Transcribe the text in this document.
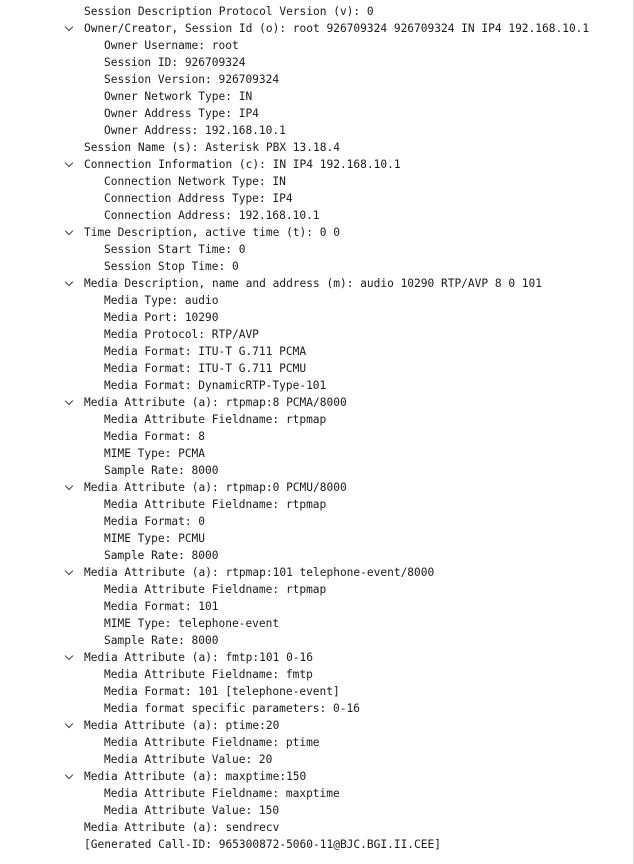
Session Description Protocol Version (v): 0
Owner/Creator, Session Id (o): root 926709324 926709324 IN IP4 192.168.10.1
Owner Username: root
Session ID: 926709324
Session Version: 926709324
Owner Network Type: IN
Owner Address Type: IP4
Owner Address: 192.168.10.1
Session Name (s): Asterisk PBX 13.18.4
Connection Information (c): IN IP4 192.168.10.1
Connection Network Type: IN
Connection Address Type: IP4
Connection Address: 192.168.10.1
Time Description, active time (t): 0 0
Session Start Time: 0
Session Stop Time: 0
Media Description, name and address (m): audio 10290 RTP/AVP 8 0 101
Media Type: audio
Media Port: 10290
Media Protocol: RTP/AVP
Media Format: ITU-T G.711 PCMA
Media Format: ITU-T G.711 PCMU
Media Format: DynamicRTP-Type-101
Media Attribute (a): rtpmap:8 PCMA/8000
Media Attribute Fieldname: rtpmap
Media Format: 8
MIME Type: PCMA
Sample Rate: 8000
Media Attribute (a): rtpmap:0 PCMU/8000
Media Attribute Fieldname: rtpmap
Media Format: 0
MIME Type: PCMU
Sample Rate: 8000
Media Attribute (a): rtpmap:101 telephone-event/8000
Media Attribute Fieldname: rtpmap
Media Format: 101
MIME Type: telephone-event
Sample Rate: 8000
Media Attribute (a): fmtp:101 0-16
Media Attribute Fieldname: fmtp
Media Format: 101 [telephone-event]
Media format specific parameters: 0-16
Media Attribute (a): ptime:20
Media Attribute Fieldname: ptime
Media Attribute Value: 20
Media Attribute (a): maxptime:150
Media Attribute Fieldname: maxptime
Media Attribute Value: 150
Media Attribute (a): sendrecv
[Generated Call-ID: 965300872-5060-11@BJC.BGI.II.CEE]
